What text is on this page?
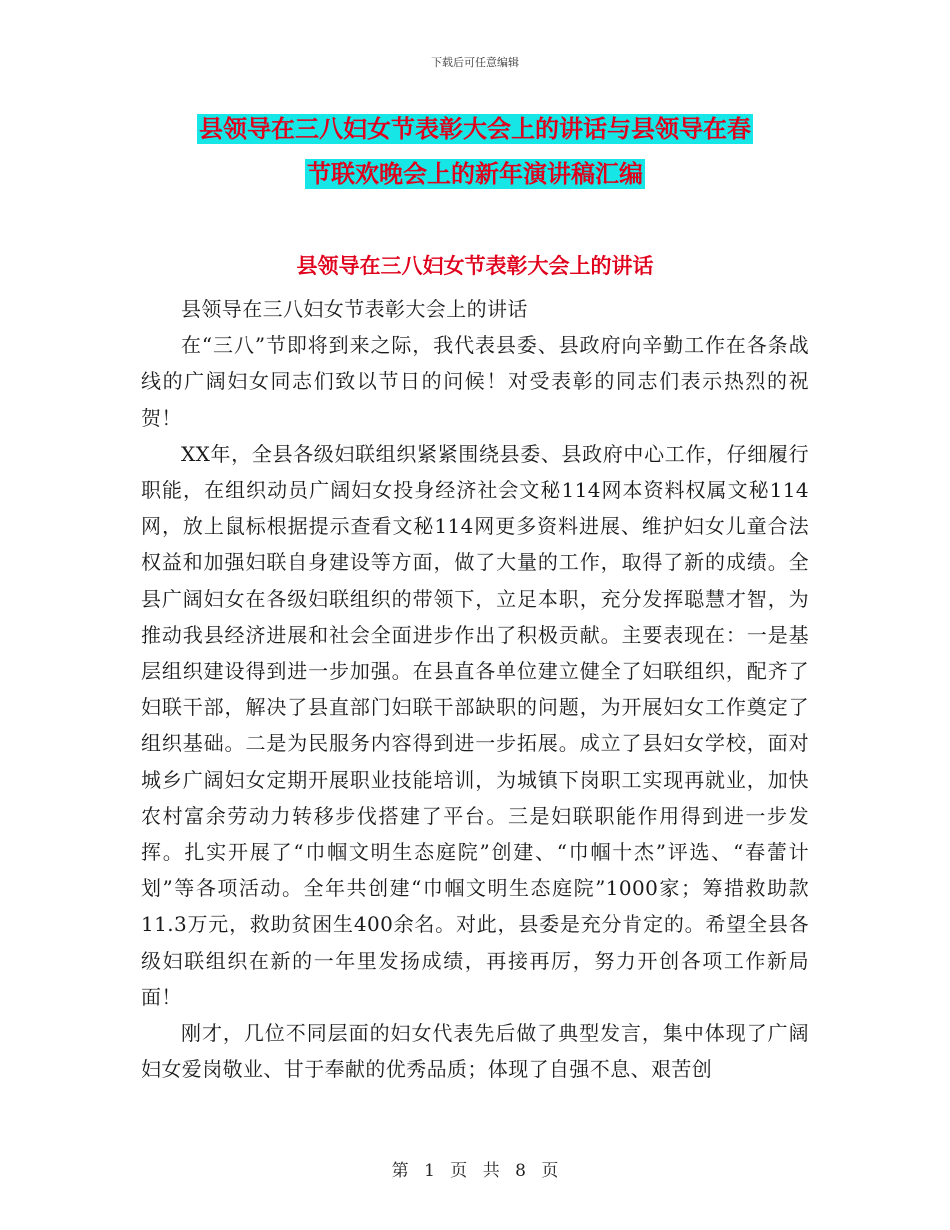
下载后可任意编辑
县领导在三八妇女节表彰大会上的讲话与县领导在春
节联欢晚会上的新年演讲稿汇编
县领导在三八妇女节表彰大会上的讲话

县领导在三八妇女节表彰大会上的讲话

在“三八”节即将到来之际，我代表县委、县政府向辛勤工作在各条战线的广阔妇女同志们致以节日的问候！对受表彰的同志们表示热烈的祝贺！

XX年，全县各级妇联组织紧紧围绕县委、县政府中心工作，仔细履行职能，在组织动员广阔妇女投身经济社会文秘114网本资料权属文秘114网，放上鼠标根据提示查看文秘114网更多资料进展、维护妇女儿童合法权益和加强妇联自身建设等方面，做了大量的工作，取得了新的成绩。全县广阔妇女在各级妇联组织的带领下，立足本职，充分发挥聪慧才智，为推动我县经济进展和社会全面进步作出了积极贡献。主要表现在：一是基层组织建设得到进一步加强。在县直各单位建立健全了妇联组织，配齐了妇联干部，解决了县直部门妇联干部缺职的问题，为开展妇女工作奠定了组织基础。二是为民服务内容得到进一步拓展。成立了县妇女学校，面对城乡广阔妇女定期开展职业技能培训，为城镇下岗职工实现再就业，加快农村富余劳动力转移步伐搭建了平台。三是妇联职能作用得到进一步发挥。扎实开展了“巾帼文明生态庭院”创建、“巾帼十杰”评选、“春蕾计划”等各项活动。全年共创建“巾帼文明生态庭院”1000家；筹措救助款11.3万元，救助贫困生400余名。对此，县委是充分肯定的。希望全县各级妇联组织在新的一年里发扬成绩，再接再厉，努力开创各项工作新局面！

刚才，几位不同层面的妇女代表先后做了典型发言，集中体现了广阔妇女爱岗敬业、甘于奉献的优秀品质；体现了自强不息、艰苦创

第 1 页 共 8 页
